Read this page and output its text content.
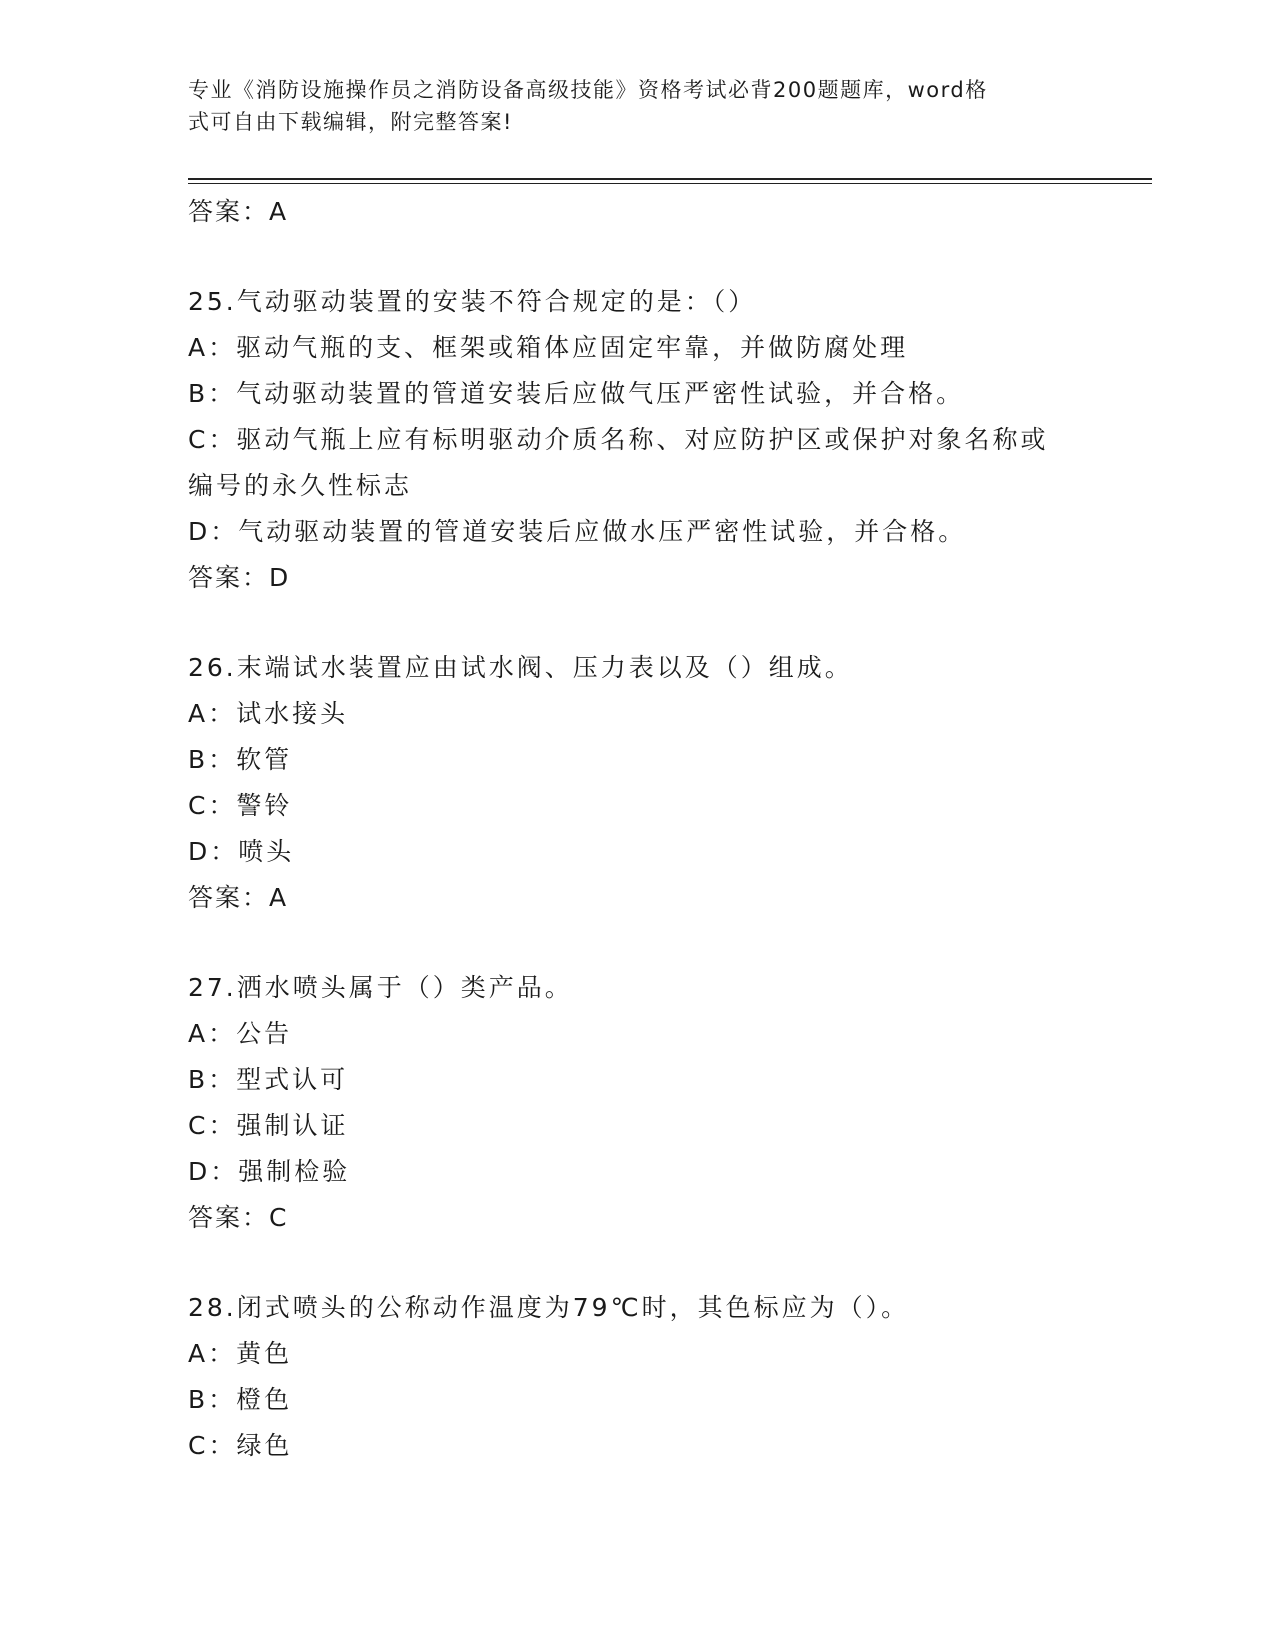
专业《消防设施操作员之消防设备高级技能》资格考试必背200题题库，word格
式可自由下载编辑，附完整答案!
答案：A
25.气动驱动装置的安装不符合规定的是：（）
A：驱动气瓶的支、框架或箱体应固定牢靠，并做防腐处理
B：气动驱动装置的管道安装后应做气压严密性试验，并合格。
C：驱动气瓶上应有标明驱动介质名称、对应防护区或保护对象名称或
编号的永久性标志
D：气动驱动装置的管道安装后应做水压严密性试验，并合格。
答案：D
26.末端试水装置应由试水阀、压力表以及（）组成。
A：试水接头
B：软管
C：警铃
D：喷头
答案：A
27.洒水喷头属于（）类产品。
A：公告
B：型式认可
C：强制认证
D：强制检验
答案：C
28.闭式喷头的公称动作温度为79℃时，其色标应为（）。
A：黄色
B：橙色
C：绿色
